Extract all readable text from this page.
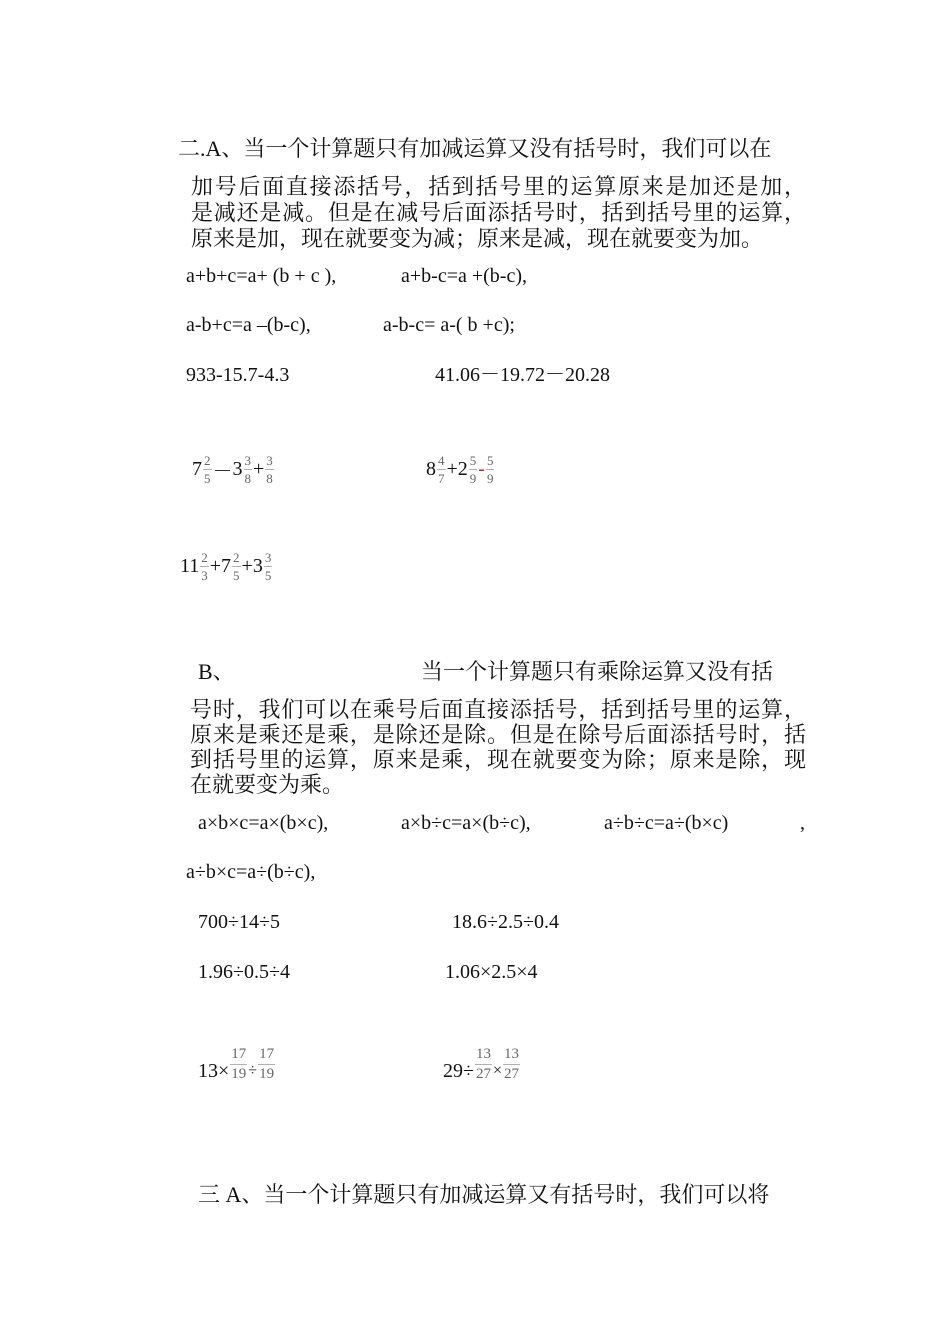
二.A、当一个计算题只有加减运算又没有括号时，我们可以在
加号后面直接添括号，括到括号里的运算原来是加还是加，
是减还是减。但是在减号后面添括号时，括到括号里的运算，
原来是加，现在就要变为减；原来是减，现在就要变为加。
a+b+c=a+ (b + c ),	a+b-c=a +(b-c),
a-b+c=a –(b-c),	a-b-c= a-( b +c);
933-15.7-4.3	41.06－19.72－20.28
$7 \frac{2}{5} - 3 \frac{3}{8} + \frac{3}{8}$	$8 \frac{4}{7} + 2 \frac{5}{9} - \frac{5}{9}$
$11 \frac{2}{3} + 7 \frac{2}{5} + 3 \frac{3}{5}$
B、	当一个计算题只有乘除运算又没有括
号时，我们可以在乘号后面直接添括号，括到括号里的运算，
原来是乘还是乘，是除还是除。但是在除号后面添括号时，括
到括号里的运算，原来是乘，现在就要变为除；原来是除，现
在就要变为乘。
a×b×c=a×(b×c),	a×b÷c=a×(b÷c),	a÷b÷c=a÷(b×c)	,
a÷b×c=a÷(b÷c),
700÷14÷5	18.6÷2.5÷0.4
1.96÷0.5÷4	1.06×2.5×4
$13\times \frac{17}{19} \div \frac{17}{19}$	$29\div \frac{13}{27} \times \frac{13}{27}$
三 A、当一个计算题只有加减运算又有括号时，我们可以将
